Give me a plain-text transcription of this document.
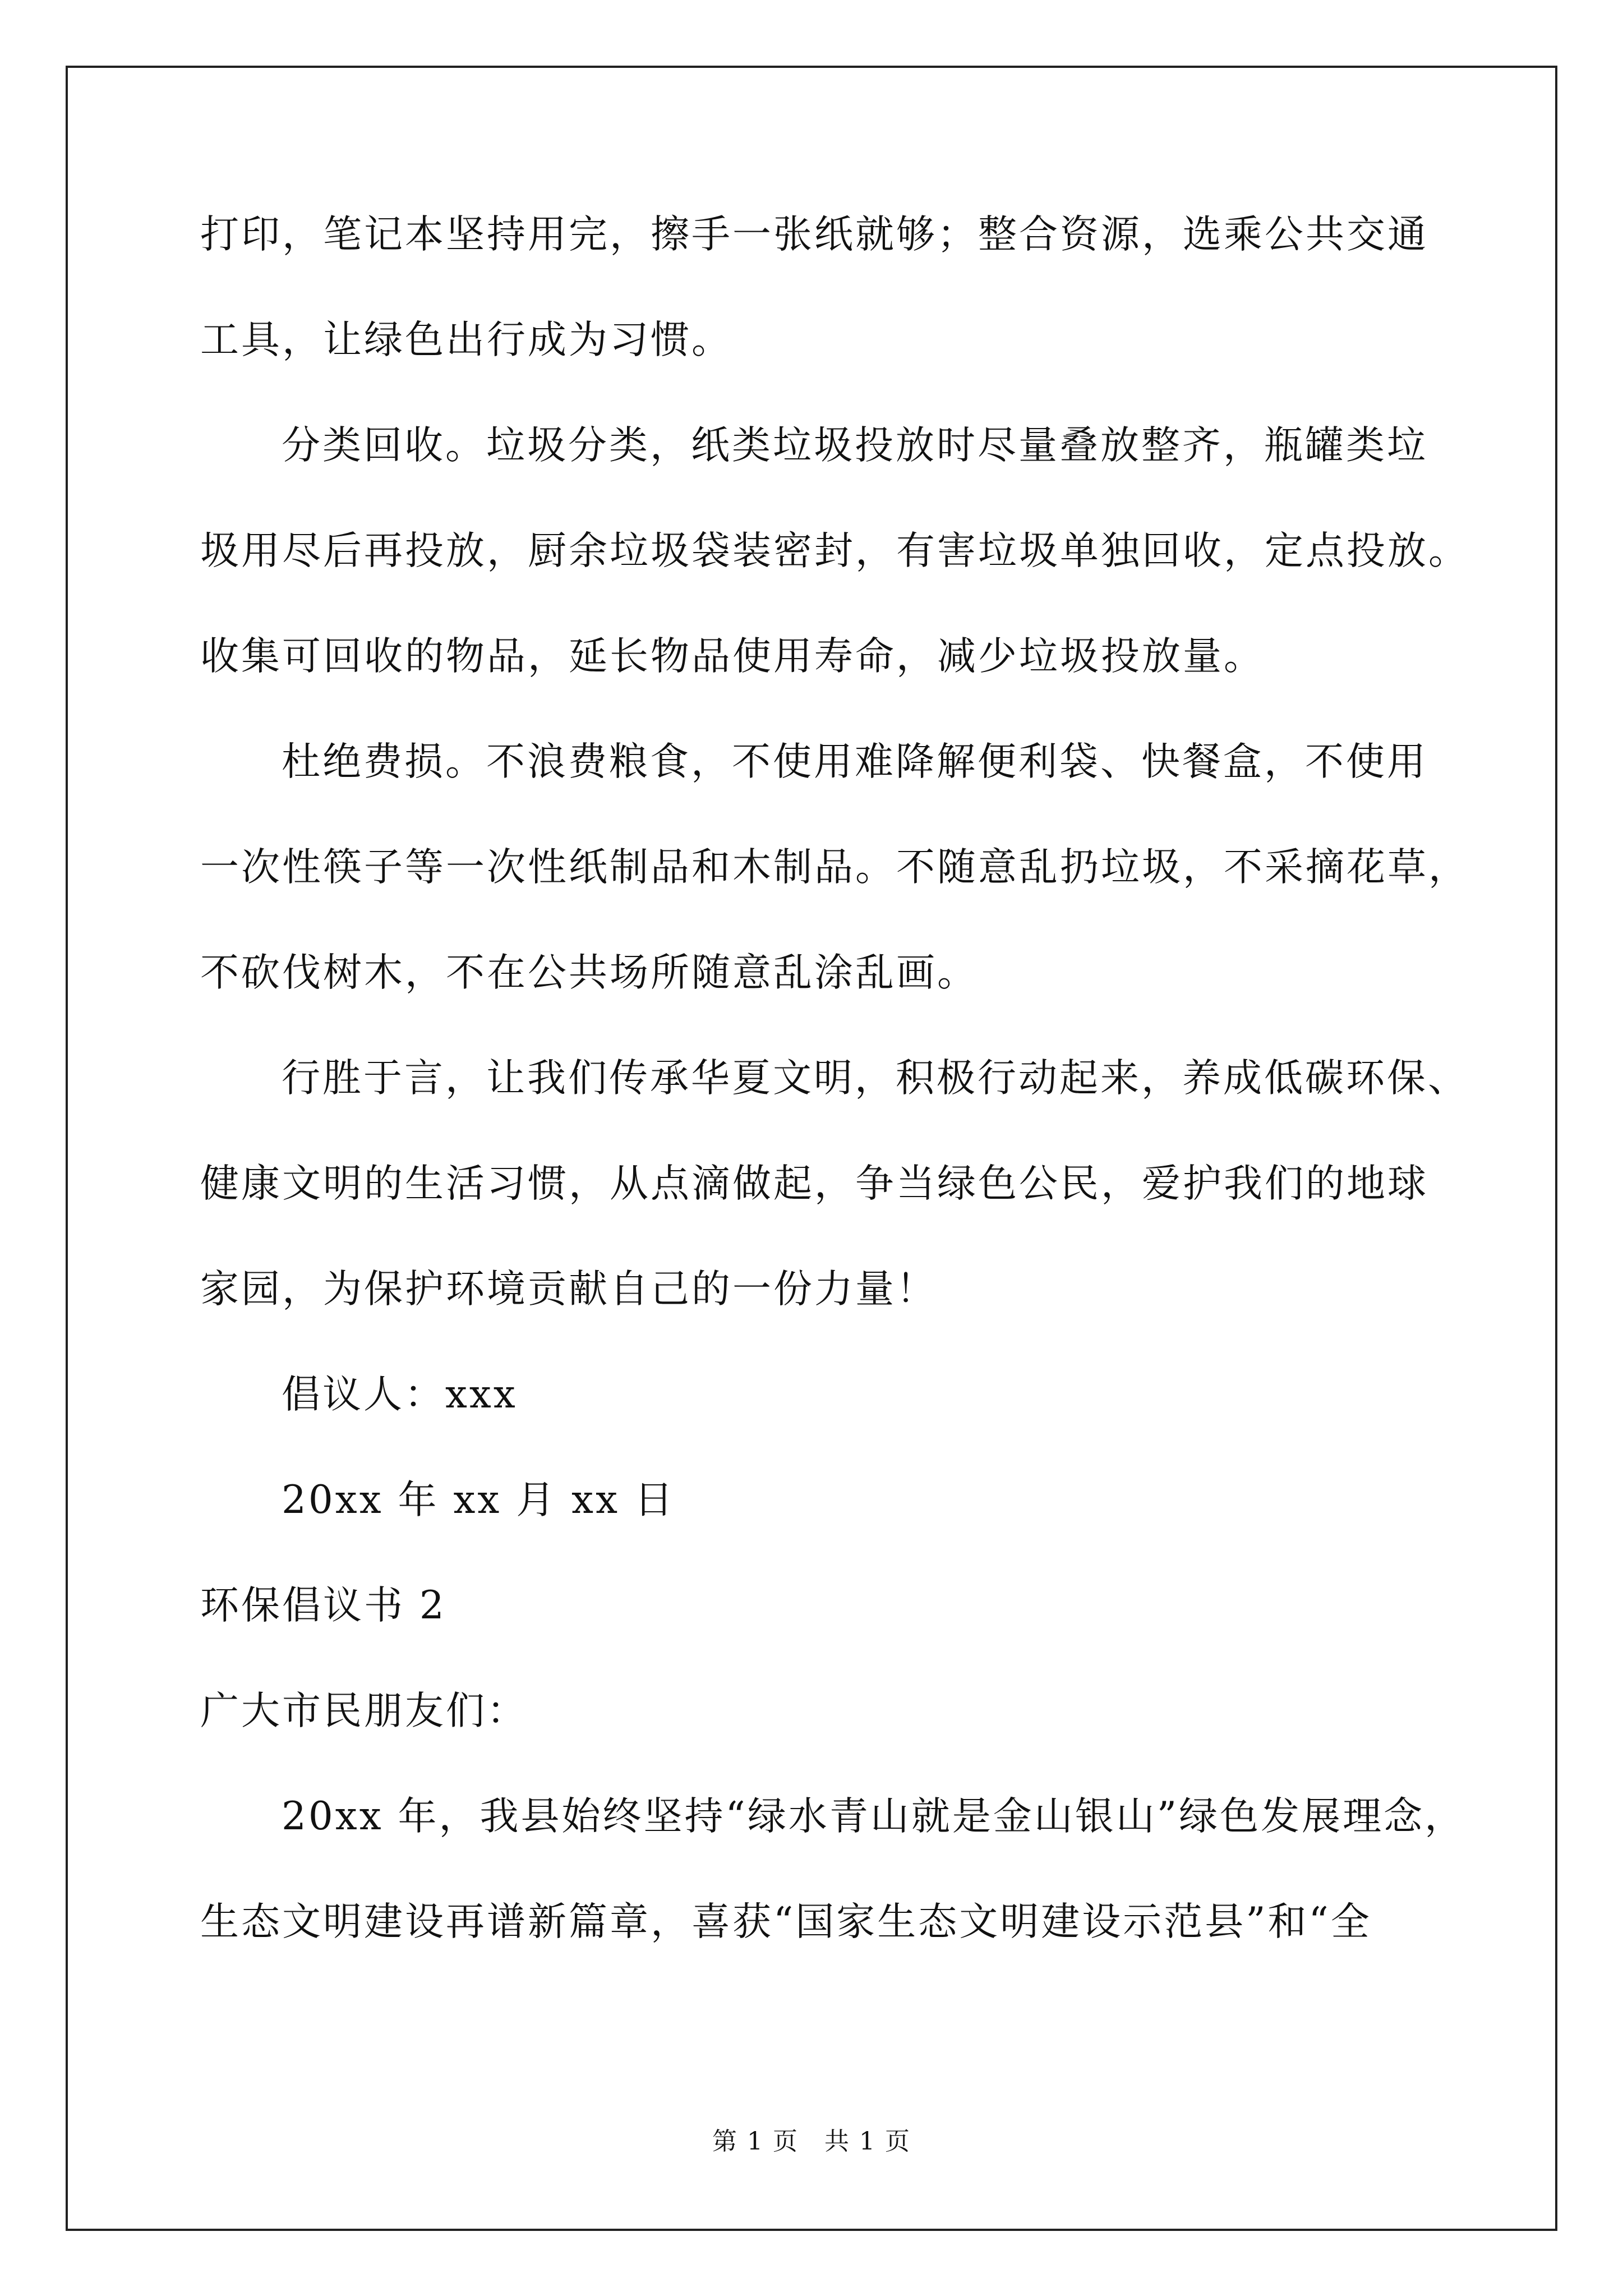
打印，笔记本坚持用完，擦手一张纸就够；整合资源，选乘公共交通

工具，让绿色出行成为习惯。

分类回收。垃圾分类，纸类垃圾投放时尽量叠放整齐，瓶罐类垃

圾用尽后再投放，厨余垃圾袋装密封，有害垃圾单独回收，定点投放。

收集可回收的物品，延长物品使用寿命，减少垃圾投放量。

杜绝费损。不浪费粮食，不使用难降解便利袋、快餐盒，不使用

一次性筷子等一次性纸制品和木制品。不随意乱扔垃圾，不采摘花草，

不砍伐树木，不在公共场所随意乱涂乱画。

行胜于言，让我们传承华夏文明，积极行动起来，养成低碳环保、

健康文明的生活习惯，从点滴做起，争当绿色公民，爱护我们的地球

家园，为保护环境贡献自己的一份力量！

倡议人：xxx

20xx 年 xx 月 xx 日

环保倡议书 2

广大市民朋友们：

20xx 年，我县始终坚持“绿水青山就是金山银山”绿色发展理念，

生态文明建设再谱新篇章，喜获“国家生态文明建设示范县”和“全

第 1 页　共 1 页
